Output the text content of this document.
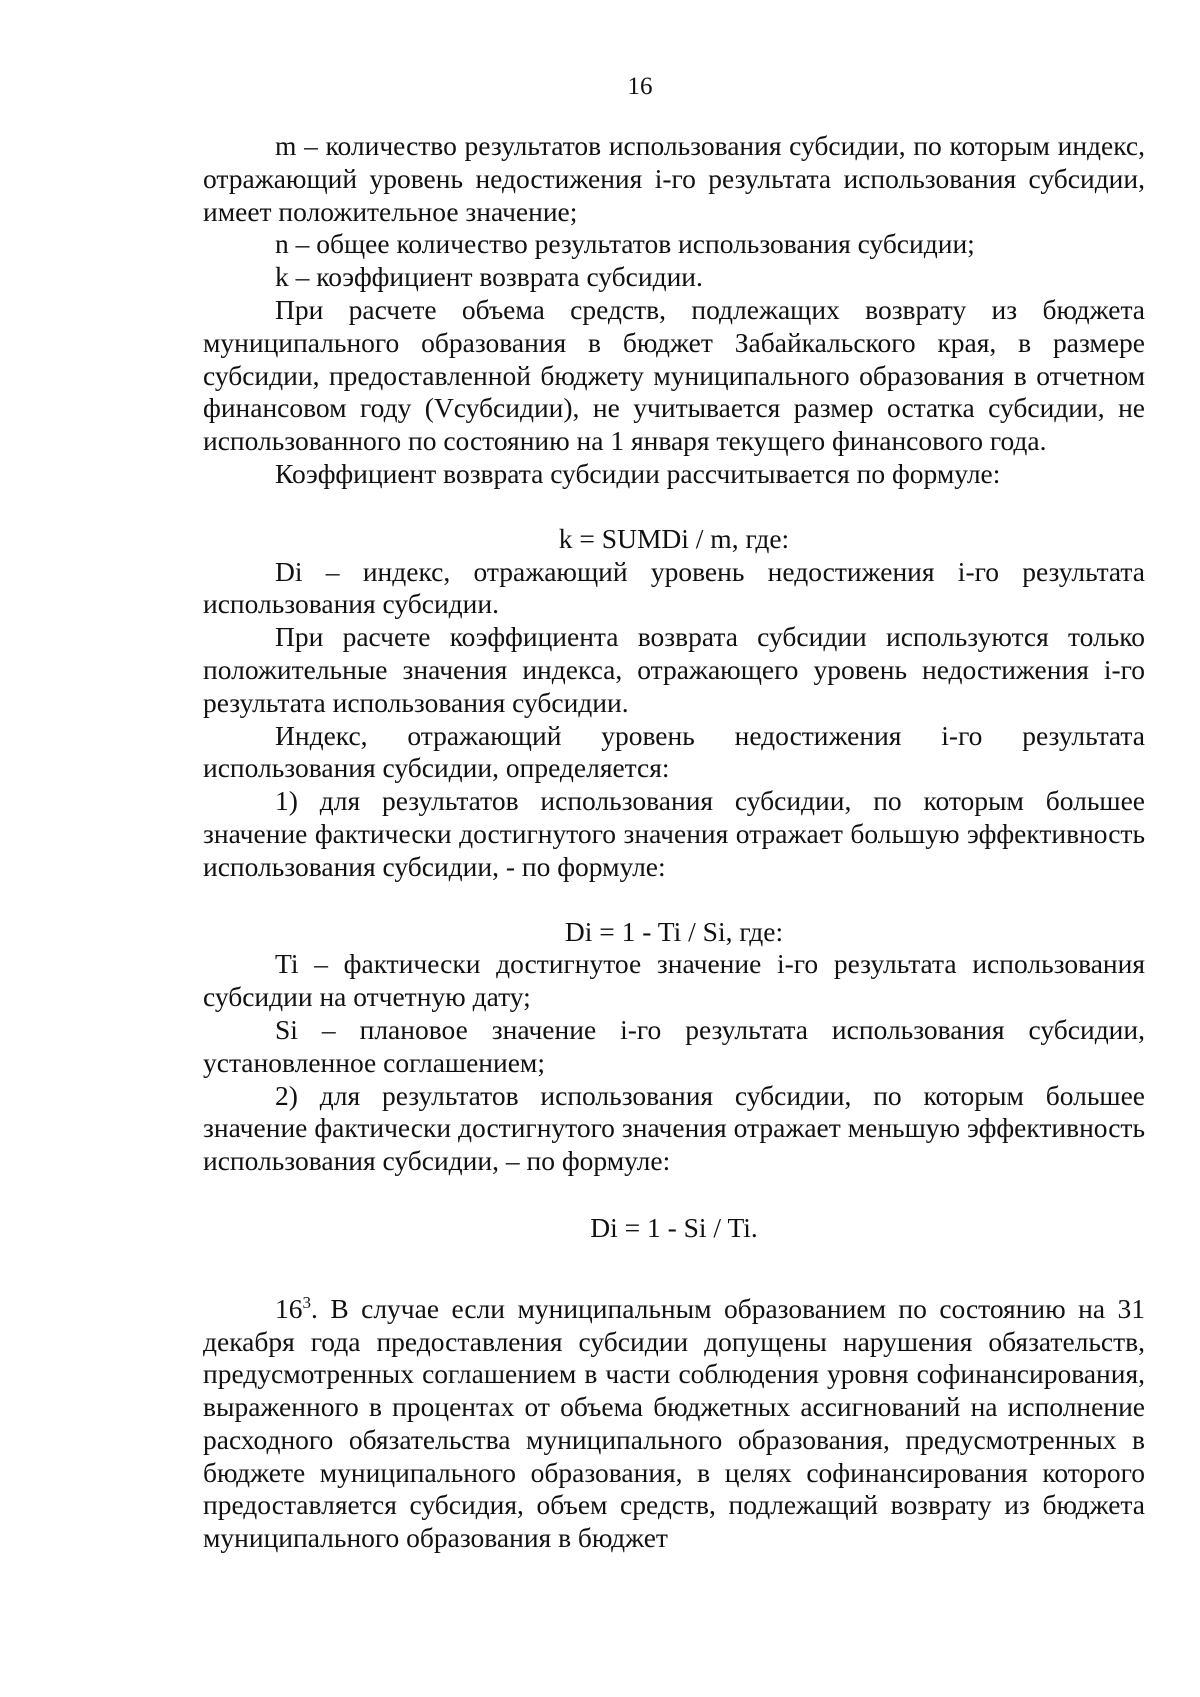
16

m – количество результатов использования субсидии, по которым индекс, отражающий уровень недостижения i-го результата использования субсидии, имеет положительное значение;

n – общее количество результатов использования субсидии;

k – коэффициент возврата субсидии.

При расчете объема средств, подлежащих возврату из бюджета муниципального образования в бюджет Забайкальского края, в размере субсидии, предоставленной бюджету муниципального образования в отчетном финансовом году (Vсубсидии), не учитывается размер остатка субсидии, не использованного по состоянию на 1 января текущего финансового года.

Коэффициент возврата субсидии рассчитывается по формуле:

k = SUMDi / m, где:

Di – индекс, отражающий уровень недостижения i-го результата использования субсидии.

При расчете коэффициента возврата субсидии используются только положительные значения индекса, отражающего уровень недостижения i-го результата использования субсидии.

Индекс, отражающий уровень недостижения i-го результата использования субсидии, определяется:

1) для результатов использования субсидии, по которым большее значение фактически достигнутого значения отражает большую эффективность использования субсидии, - по формуле:

Di = 1 - Ti / Si, где:

Ti – фактически достигнутое значение i-го результата использования субсидии на отчетную дату;

Si – плановое значение i-го результата использования субсидии, установленное соглашением;

2) для результатов использования субсидии, по которым большее значение фактически достигнутого значения отражает меньшую эффективность использования субсидии, – по формуле:

Di = 1 - Si / Ti.

$16^3$. В случае если муниципальным образованием по состоянию на 31 декабря года предоставления субсидии допущены нарушения обязательств, предусмотренных соглашением в части соблюдения уровня софинансирования, выраженного в процентах от объема бюджетных ассигнований на исполнение расходного обязательства муниципального образования, предусмотренных в бюджете муниципального образования, в целях софинансирования которого предоставляется субсидия, объем средств, подлежащий возврату из бюджета муниципального образования в бюджет
